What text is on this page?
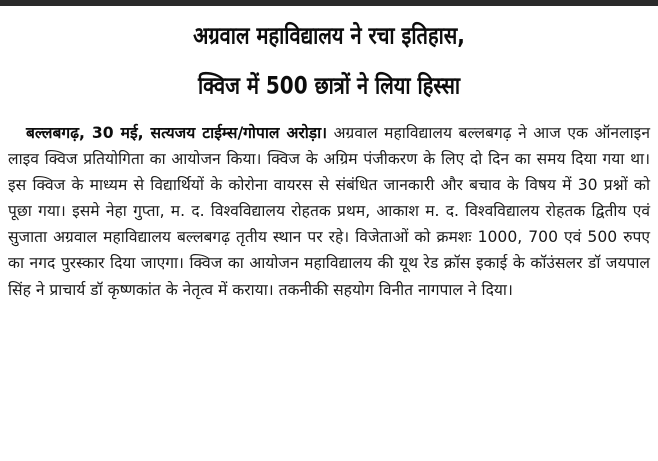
अग्रवाल महाविद्यालय ने रचा इतिहास,
क्विज में 500 छात्रों ने लिया हिस्सा
बल्लबगढ़, 30 मई, सत्यजय टाईम्स/गोपाल अरोड़ा। अग्रवाल महाविद्यालय बल्लबगढ़ ने आज एक ऑनलाइन लाइव क्विज प्रतियोगिता का आयोजन किया। क्विज के अग्रिम पंजीकरण के लिए दो दिन का समय दिया गया था। इस क्विज के माध्यम से विद्यार्थियों के कोरोना वायरस से संबंधित जानकारी और बचाव के विषय में 30 प्रश्नों को पूछा गया। इसमे नेहा गुप्ता, म. द. विश्वविद्यालय रोहतक प्रथम, आकाश म. द. विश्वविद्यालय रोहतक द्वितीय एवं सुजाता अग्रवाल महाविद्यालय बल्लबगढ़ तृतीय स्थान पर रहे। विजेताओं को क्रमशः 1000, 700 एवं 500 रुपए का नगद पुरस्कार दिया जाएगा। क्विज का आयोजन महाविद्यालय की यूथ रेड क्रॉस इकाई के कॉउंसलर डॉ जयपाल सिंह ने प्राचार्य डॉ कृष्णकांत के नेतृत्व में कराया। तकनीकी सहयोग विनीत नागपाल ने दिया।
